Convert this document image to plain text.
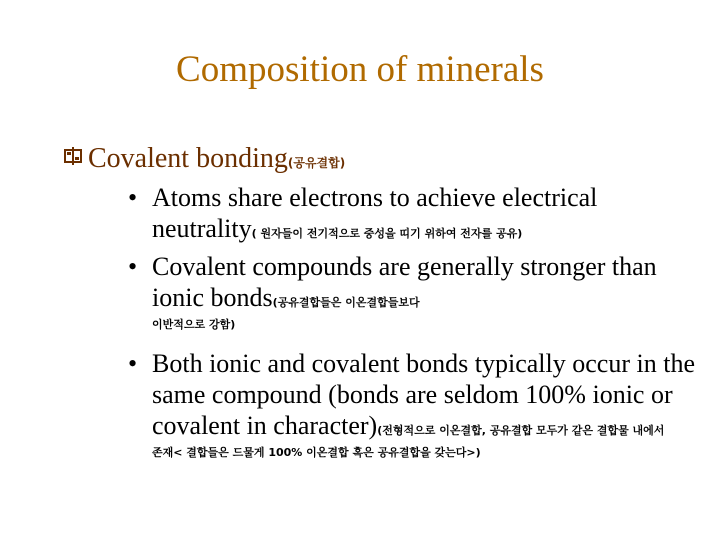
Composition of minerals
Covalent bonding(공유결합)
• Atoms share electrons to achieve electrical neutrality( 원자들이 전기적으로 중성을 띠기 위하여 전자를 공유)
• Covalent compounds are generally stronger than ionic bonds(공유결합들은 이온결합들보다
이반적으로 강함)
• Both ionic and covalent bonds typically occur in the same compound (bonds are seldom 100% ionic or covalent in character)(전형적으로 이온결합, 공유결합 모두가 같은 결합물 내에서
존재< 결합들은 드물게 100% 이온결합 혹은 공유결합을 갖는다>)
